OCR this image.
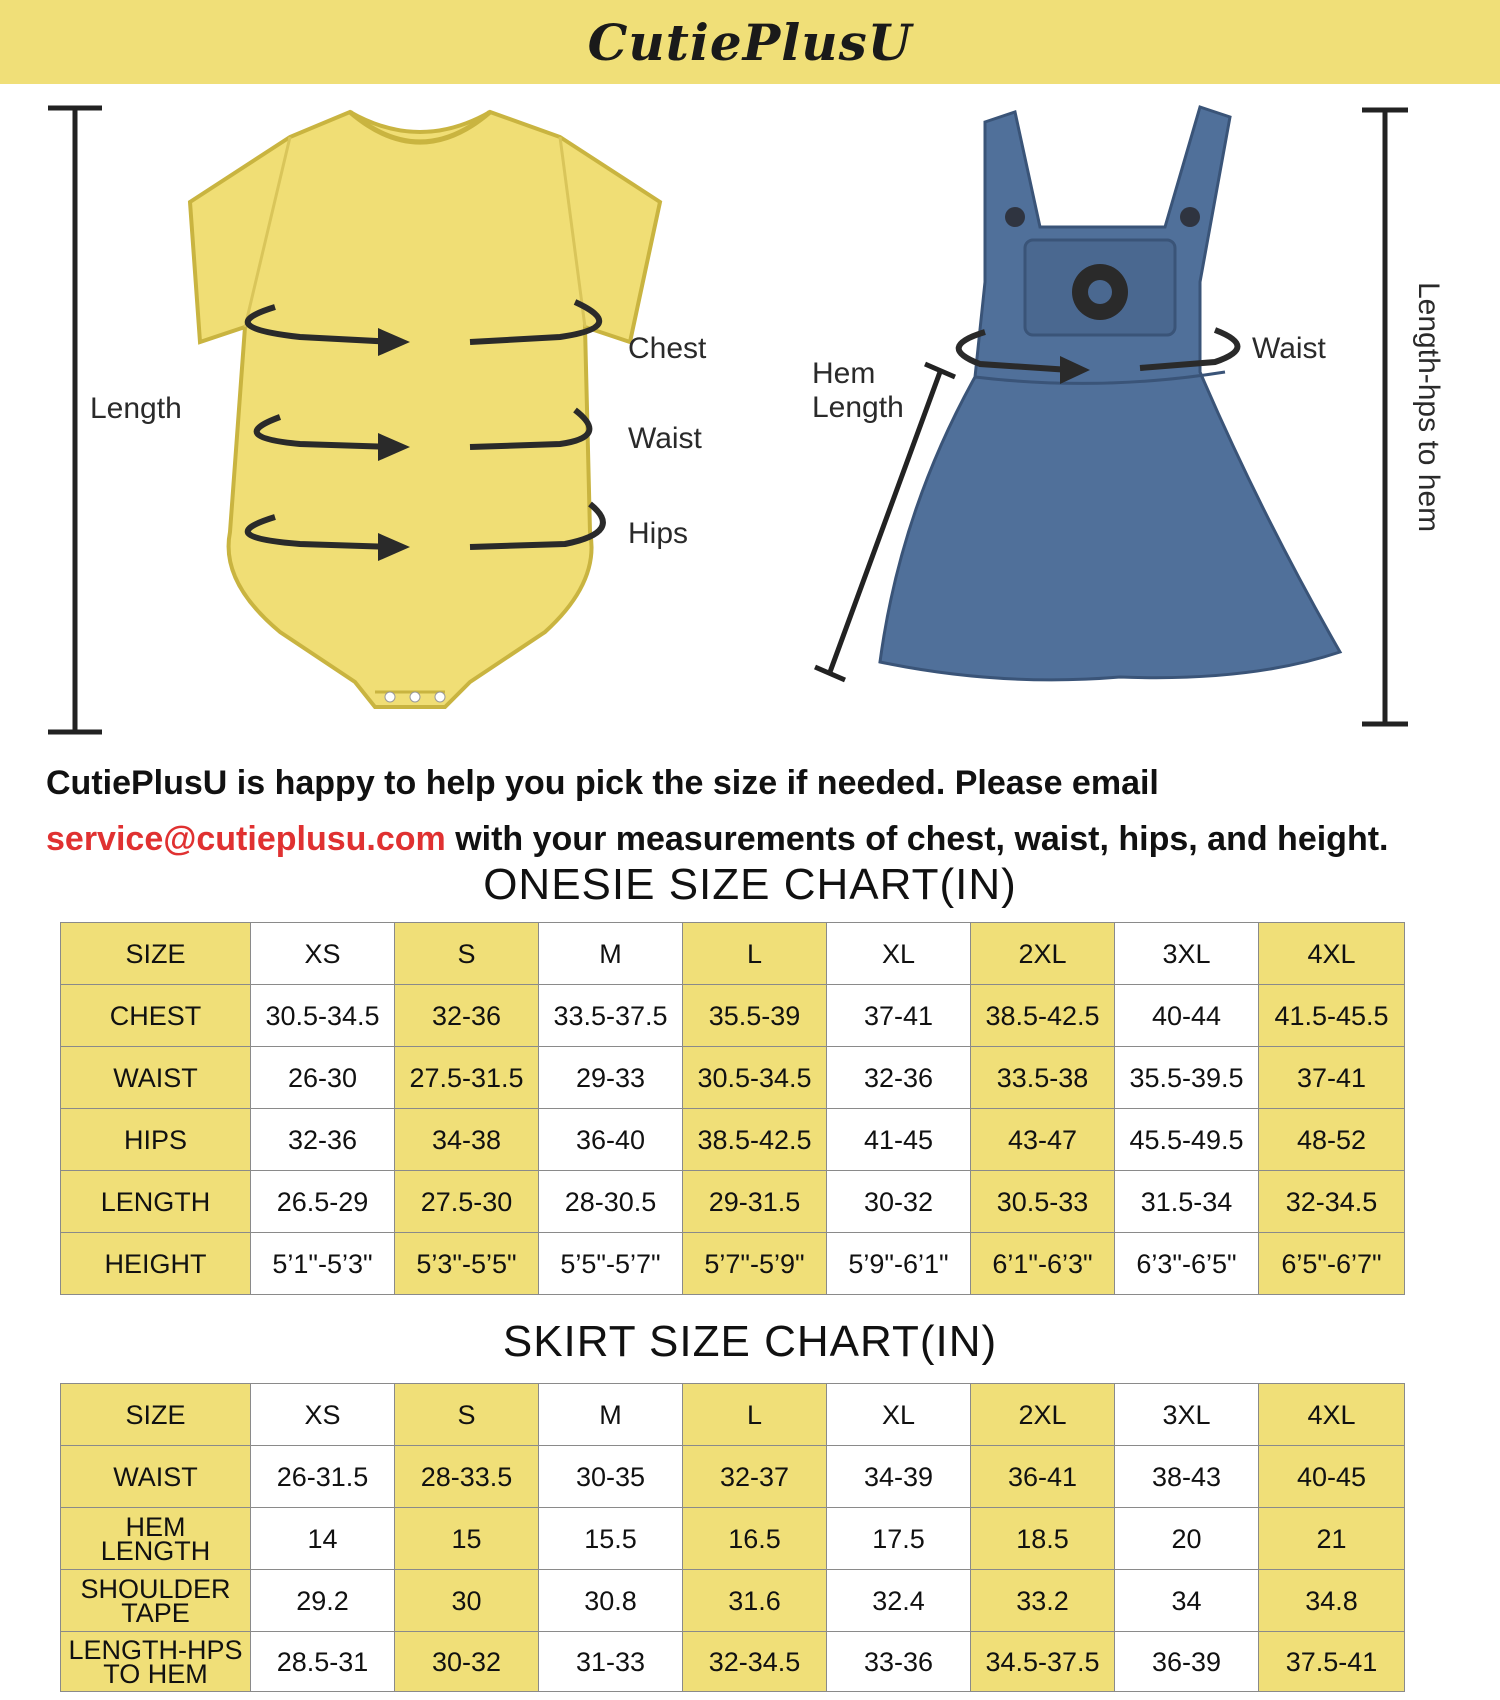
CutiePlusU
Length
Chest
Waist
Hips
Hem
Length
Waist	Length-hps to hem
CutiePlusU is happy to help you pick the size if needed. Please email
service@cutieplusu.com with your measurements of chest, waist, hips, and height.
ONESIE SIZE CHART(IN)
SIZE	XS	S	M	L	XL	2XL	3XL	4XL
CHEST	30.5-34.5	32-36	33.5-37.5	35.5-39	37-41	38.5-42.5	40-44	41.5-45.5
WAIST	26-30	27.5-31.5	29-33	30.5-34.5	32-36	33.5-38	35.5-39.5	37-41
HIPS	32-36	34-38	36-40	38.5-42.5	41-45	43-47	45.5-49.5	48-52
LENGTH	26.5-29	27.5-30	28-30.5	29-31.5	30-32	30.5-33	31.5-34	32-34.5
HEIGHT	5’1"-5’3"	5’3"-5’5"	5’5"-5’7"	5’7"-5’9"	5’9"-6’1"	6’1"-6’3"	6’3"-6’5"	6’5"-6’7"
SKIRT SIZE CHART(IN)
SIZE	XS	S	M	L	XL	2XL	3XL	4XL
WAIST	26-31.5	28-33.5	30-35	32-37	34-39	36-41	38-43	40-45
HEM
LENGTH	14	15	15.5	16.5	17.5	18.5	20	21
SHOULDER
TAPE	29.2	30	30.8	31.6	32.4	33.2	34	34.8
LENGTH-HPS
TO HEM	28.5-31	30-32	31-33	32-34.5	33-36	34.5-37.5	36-39	37.5-41
